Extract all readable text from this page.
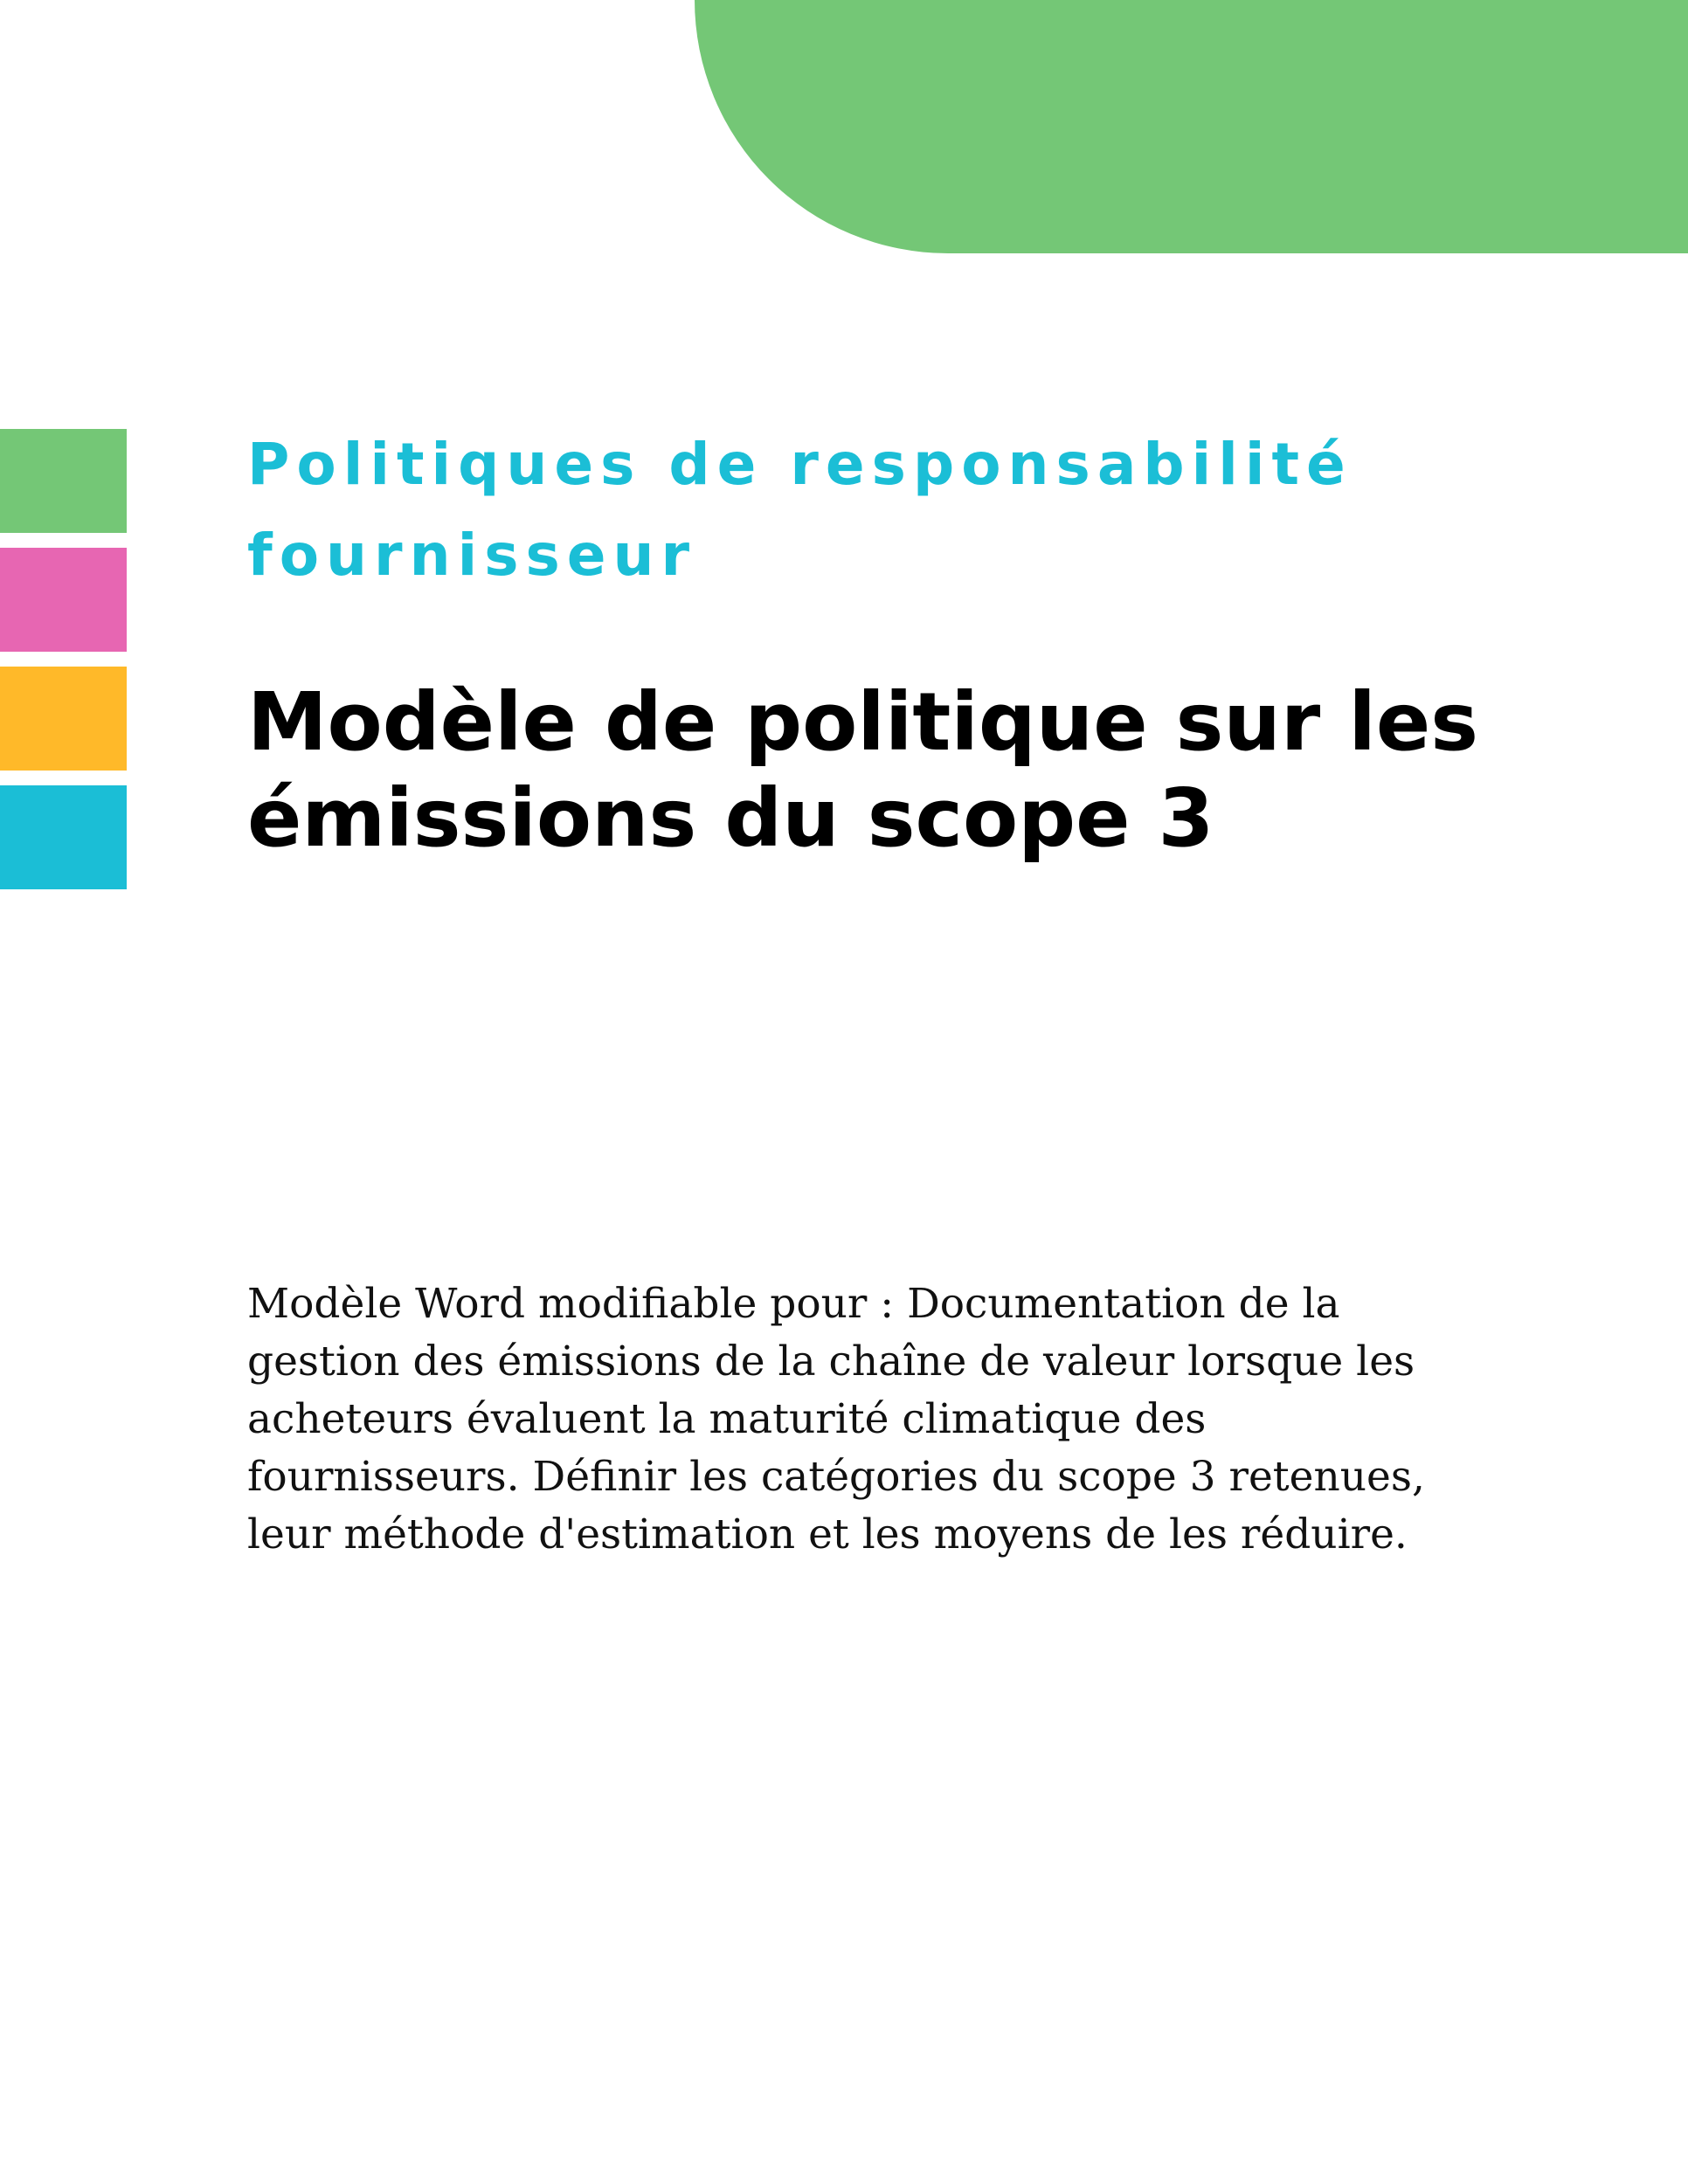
Politiques de responsabilité fournisseur
Modèle de politique sur les émissions du scope 3

Modèle Word modifiable pour : Documentation de la gestion des émissions de la chaîne de valeur lorsque les acheteurs évaluent la maturité climatique des fournisseurs. Définir les catégories du scope 3 retenues, leur méthode d'estimation et les moyens de les réduire.
